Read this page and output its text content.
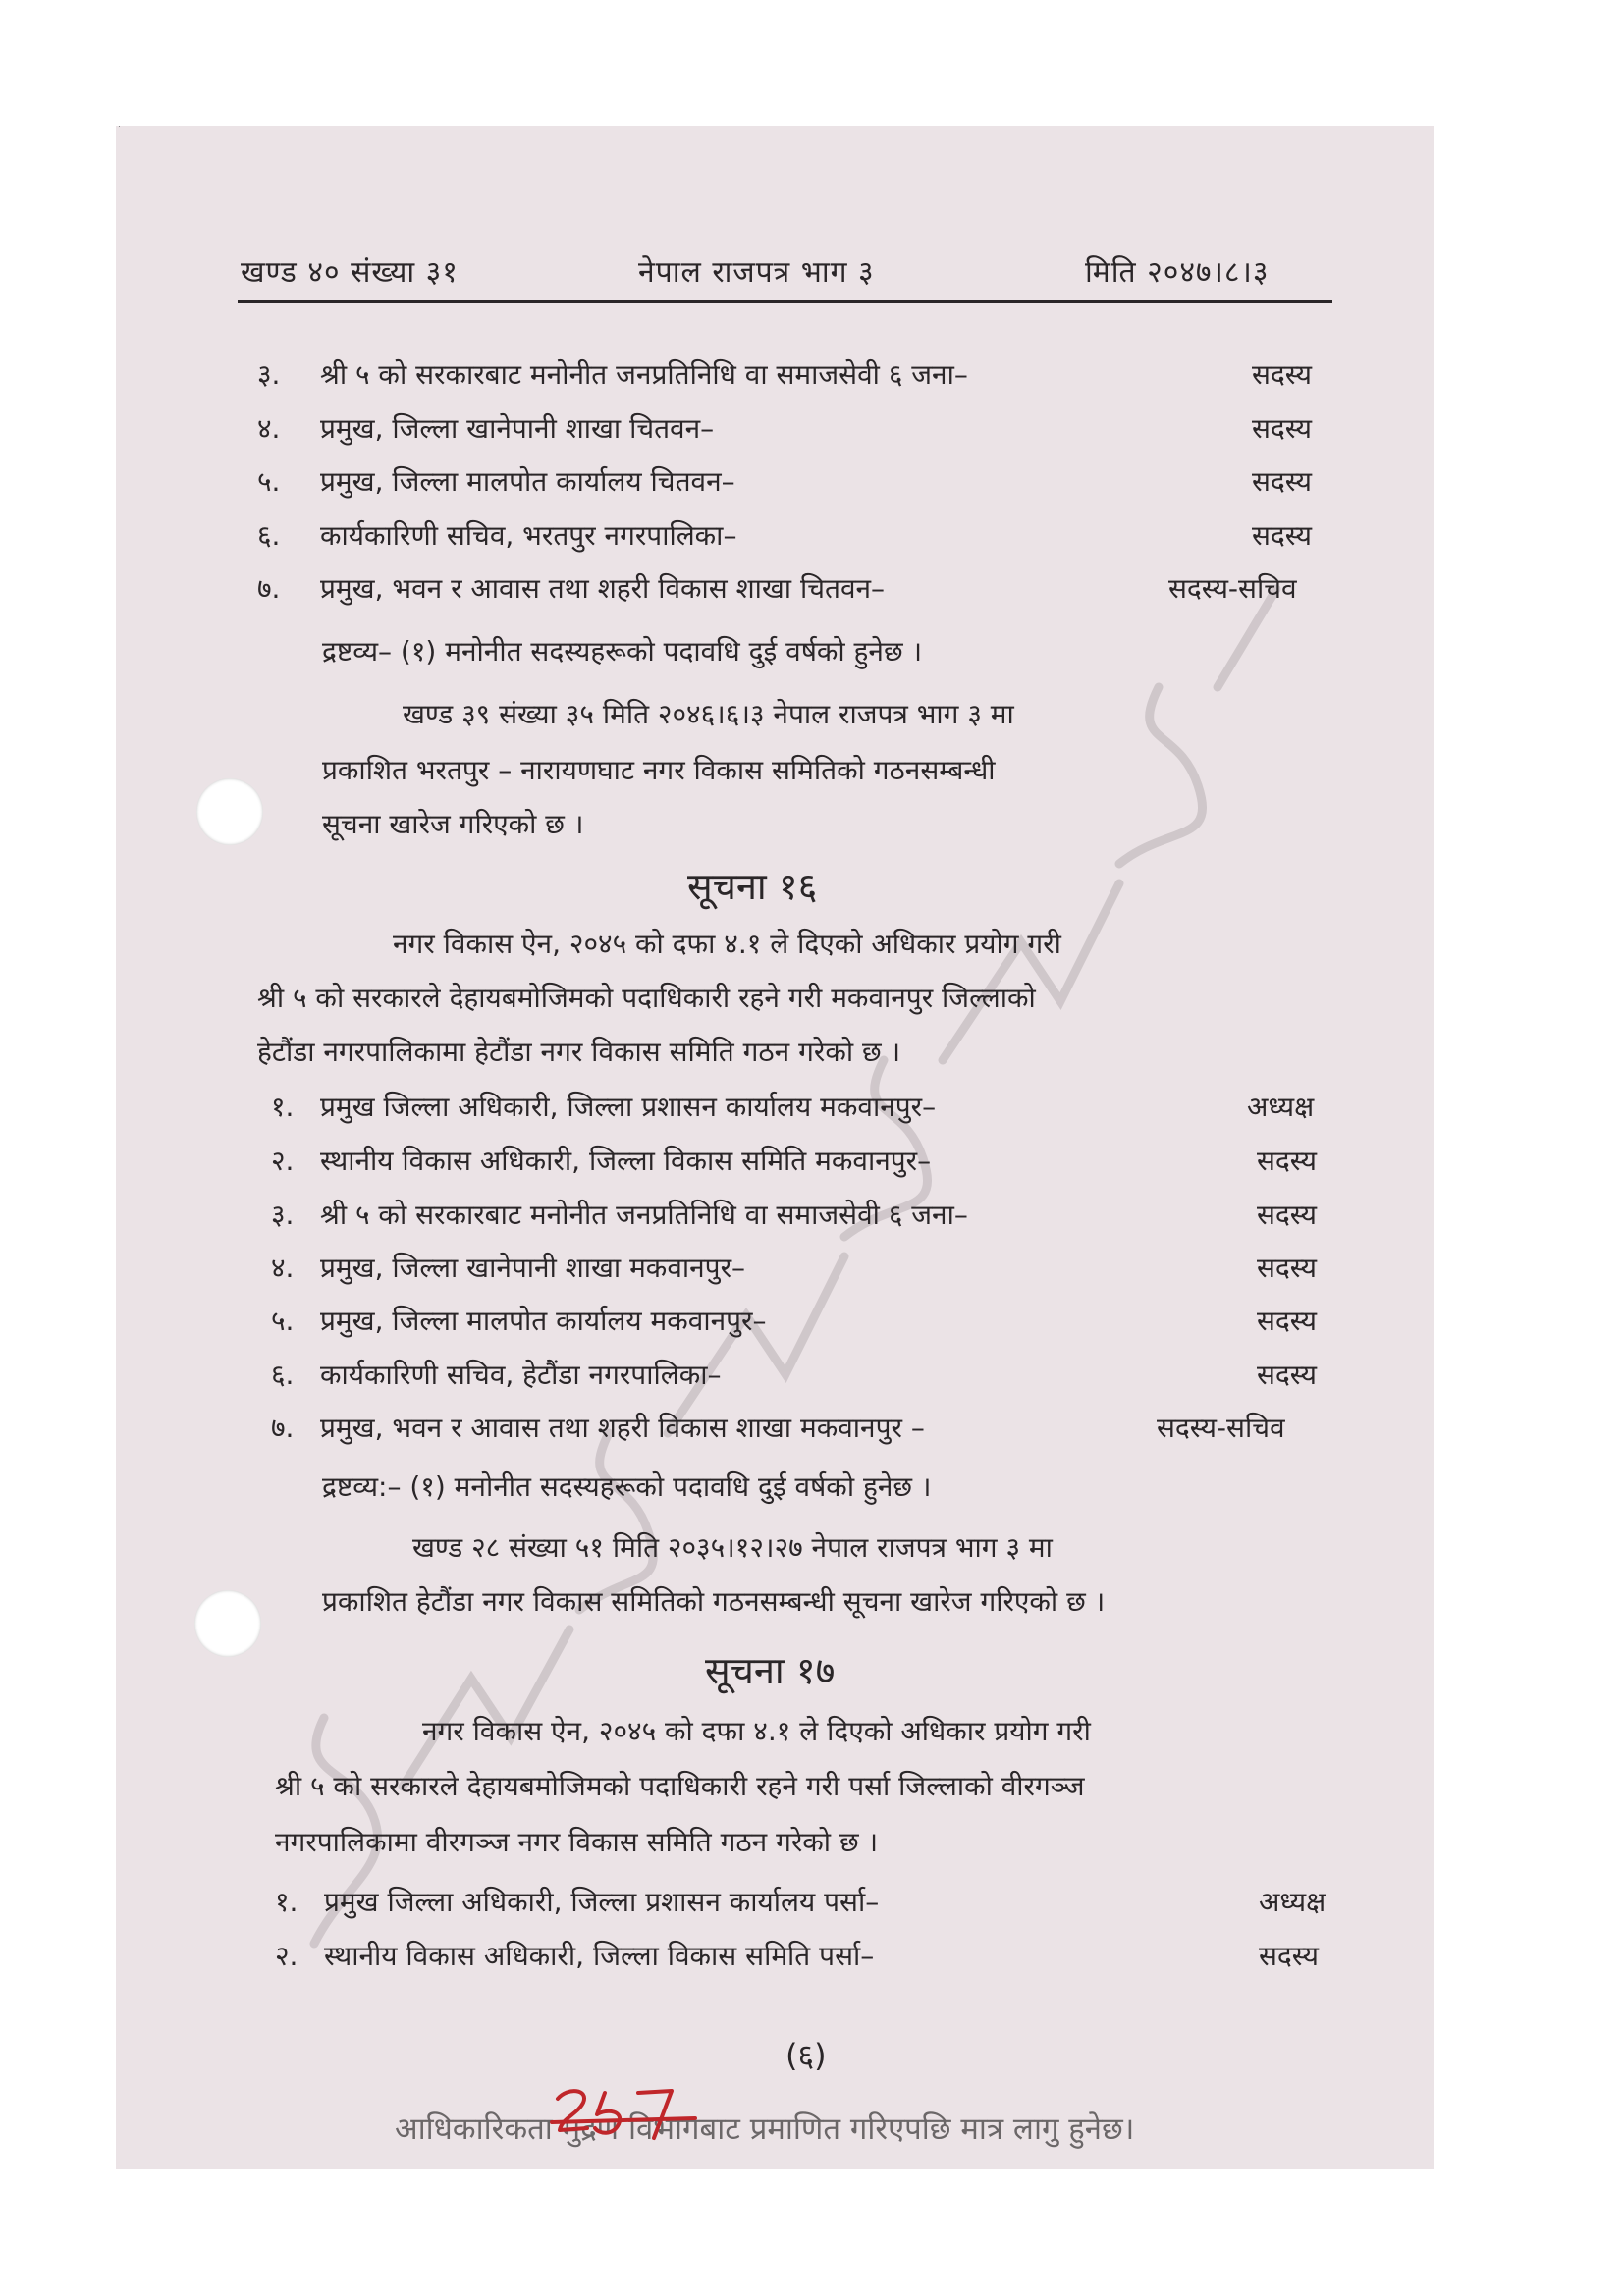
खण्ड ४० संख्या ३१	नेपाल राजपत्र भाग ३	मिति २०४७।८।३
३. श्री ५ को सरकारबाट मनोनीत जनप्रतिनिधि वा समाजसेवी ६ जना–	सदस्य
४. प्रमुख, जिल्ला खानेपानी शाखा चितवन–	सदस्य
५. प्रमुख, जिल्ला मालपोत कार्यालय चितवन–	सदस्य
६. कार्यकारिणी सचिव, भरतपुर नगरपालिका–	सदस्य
७. प्रमुख, भवन र आवास तथा शहरी विकास शाखा चितवन–	सदस्य-सचिव
द्रष्टव्य– (१) मनोनीत सदस्यहरूको पदावधि दुई वर्षको हुनेछ ।
खण्ड ३९ संख्या ३५ मिति २०४६।६।३ नेपाल राजपत्र भाग ३ मा
प्रकाशित भरतपुर – नारायणघाट नगर विकास समितिको गठनसम्बन्धी
सूचना खारेज गरिएको छ ।
सूचना १६
नगर विकास ऐन, २०४५ को दफा ४.१ ले दिएको अधिकार प्रयोग गरी
श्री ५ को सरकारले देहायबमोजिमको पदाधिकारी रहने गरी मकवानपुर जिल्लाको
हेटौंडा नगरपालिकामा हेटौंडा नगर विकास समिति गठन गरेको छ ।
१. प्रमुख जिल्ला अधिकारी, जिल्ला प्रशासन कार्यालय मकवानपुर–	अध्यक्ष
२. स्थानीय विकास अधिकारी, जिल्ला विकास समिति मकवानपुर–	सदस्य
३. श्री ५ को सरकारबाट मनोनीत जनप्रतिनिधि वा समाजसेवी ६ जना–	सदस्य
४. प्रमुख, जिल्ला खानेपानी शाखा मकवानपुर–	सदस्य
५. प्रमुख, जिल्ला मालपोत कार्यालय मकवानपुर–	सदस्य
६. कार्यकारिणी सचिव, हेटौंडा नगरपालिका–	सदस्य
७. प्रमुख, भवन र आवास तथा शहरी विकास शाखा मकवानपुर –	सदस्य-सचिव
द्रष्टव्य:– (१) मनोनीत सदस्यहरूको पदावधि दुई वर्षको हुनेछ ।
खण्ड २८ संख्या ५१ मिति २०३५।१२।२७ नेपाल राजपत्र भाग ३ मा
प्रकाशित हेटौंडा नगर विकास समितिको गठनसम्बन्धी सूचना खारेज गरिएको छ ।
सूचना १७
नगर विकास ऐन, २०४५ को दफा ४.१ ले दिएको अधिकार प्रयोग गरी
श्री ५ को सरकारले देहायबमोजिमको पदाधिकारी रहने गरी पर्सा जिल्लाको वीरगञ्ज
नगरपालिकामा वीरगञ्ज नगर विकास समिति गठन गरेको छ ।
१. प्रमुख जिल्ला अधिकारी, जिल्ला प्रशासन कार्यालय पर्सा–	अध्यक्ष
२. स्थानीय विकास अधिकारी, जिल्ला विकास समिति पर्सा–	सदस्य
(६)
आधिकारिकता मुद्रण विभागबाट प्रमाणित गरिएपछि मात्र लागु हुनेछ।
